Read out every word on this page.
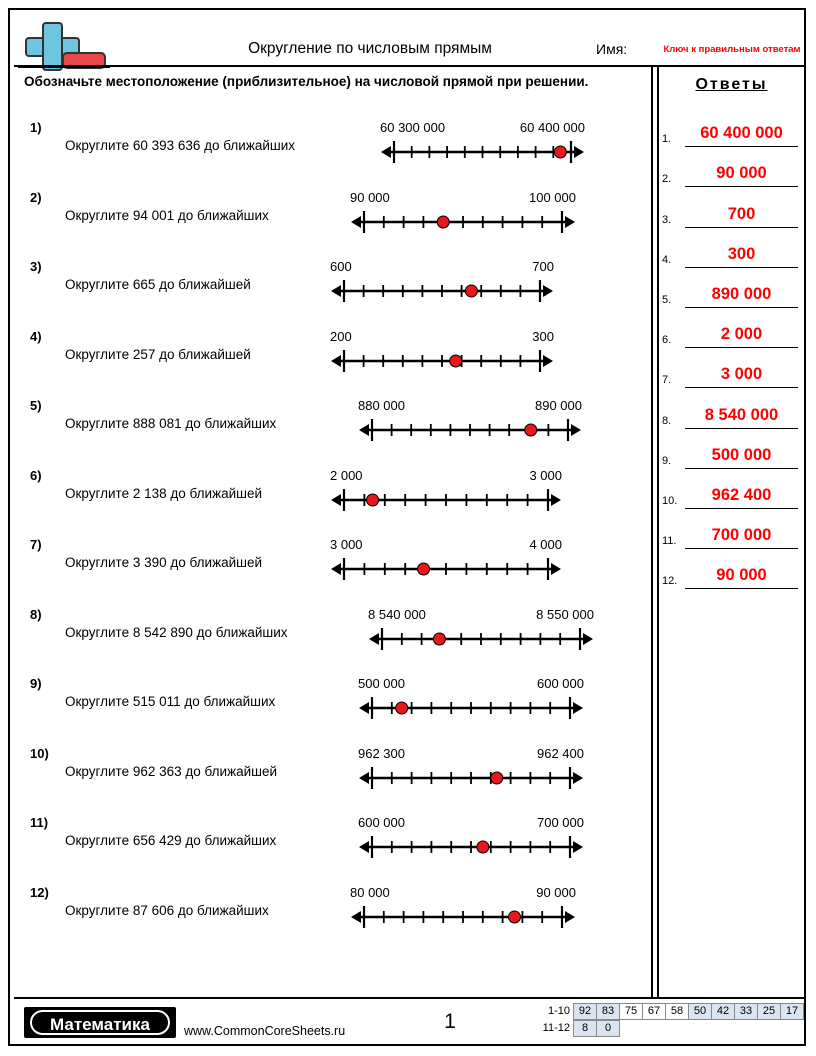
Округление по числовым прямым	Имя:	Ключ к правильным ответам
Обозначьте местоположение (приблизительное) на числовой прямой при решении.
1)
Округлите 60 393 636 до ближайших
60 300 000	60 400 000
2)
Округлите 94 001 до ближайших
90 000	100 000
3)
Округлите 665 до ближайшей
600	700
4)
Округлите 257 до ближайшей
200	300
5)
Округлите 888 081 до ближайших
880 000	890 000
6)
Округлите 2 138 до ближайшей
2 000	3 000
7)
Округлите 3 390 до ближайшей
3 000	4 000
8)
Округлите 8 542 890 до ближайших
8 540 000	8 550 000
9)
Округлите 515 011 до ближайших
500 000	600 000
10)
Округлите 962 363 до ближайшей
962 300	962 400
11)
Округлите 656 429 до ближайших
600 000	700 000
12)
Округлите 87 606 до ближайших
80 000	90 000
Ответы
1.	60 400 000
2.	90 000
3.	700
4.	300
5.	890 000
6.	2 000
7.	3 000
8.	8 540 000
9.	500 000
10.	962 400
11.	700 000
12.	90 000
Математика	www.CommonCoreSheets.ru	1	1-10 92 83 75 67 58 50 42 33 25 17
11-12 8 0
